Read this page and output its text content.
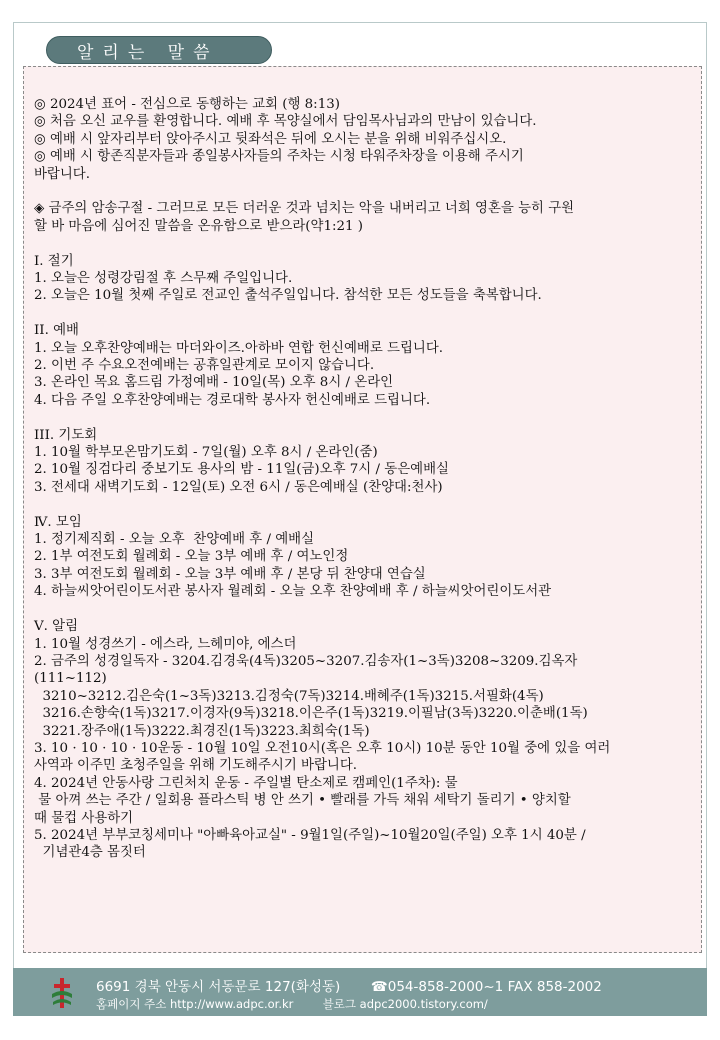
알리는 말씀
◎ 2024년 표어 - 전심으로 동행하는 교회 (행 8:13)
◎ 처음 오신 교우를 환영합니다. 예배 후 목양실에서 담임목사님과의 만남이 있습니다.
◎ 예배 시 앞자리부터 앉아주시고 뒷좌석은 뒤에 오시는 분을 위해 비워주십시오.
◎ 예배 시 항존직분자들과 종일봉사자들의 주차는 시청 타워주차장을 이용해 주시기
바랍니다.
◈ 금주의 암송구절 - 그러므로 모든 더러운 것과 넘치는 악을 내버리고 너희 영혼을 능히 구원
할 바 마음에 심어진 말씀을 온유함으로 받으라(약1:21 )
I. 절기
1. 오늘은 성령강림절 후 스무째 주일입니다.
2. 오늘은 10월 첫째 주일로 전교인 출석주일입니다. 참석한 모든 성도들을 축복합니다.
II. 예배
1. 오늘 오후찬양예배는 마더와이즈.아하바 연합 헌신예배로 드립니다.
2. 이번 주 수요오전예배는 공휴일관계로 모이지 않습니다.
3. 온라인 목요 홈드림 가정예배 - 10일(목) 오후 8시 / 온라인
4. 다음 주일 오후찬양예배는 경로대학 봉사자 헌신예배로 드립니다.
III. 기도회
1. 10월 학부모온맘기도회 - 7일(월) 오후 8시 / 온라인(줌)
2. 10월 징검다리 중보기도 용사의 밤 - 11일(금)오후 7시 / 동은예배실
3. 전세대 새벽기도회 - 12일(토) 오전 6시 / 동은예배실 (찬양대:천사)
Ⅳ. 모임
1. 정기제직회 - 오늘 오후  찬양예배 후 / 예배실
2. 1부 여전도회 월례회 - 오늘 3부 예배 후 / 여노인정
3. 3부 여전도회 월례회 - 오늘 3부 예배 후 / 본당 뒤 찬양대 연습실
4. 하늘씨앗어린이도서관 봉사자 월례회 - 오늘 오후 찬양예배 후 / 하늘씨앗어린이도서관
Ⅴ. 알림
1. 10월 성경쓰기 - 에스라, 느헤미야, 에스더
2. 금주의 성경일독자 - 3204.김경욱(4독)3205~3207.김송자(1~3독)3208~3209.김옥자
(111~112)
3210~3212.김은숙(1~3독)3213.김정숙(7독)3214.배혜주(1독)3215.서필화(4독)
3216.손향숙(1독)3217.이경자(9독)3218.이은주(1독)3219.이필남(3독)3220.이춘배(1독)
3221.장주애(1독)3222.최경진(1독)3223.최희숙(1독)
3. 10 · 10 · 10 · 10운동 - 10월 10일 오전10시(혹은 오후 10시) 10분 동안 10월 중에 있을 여러
사역과 이주민 초청주일을 위해 기도해주시기 바랍니다.
4. 2024년 안동사랑 그린처치 운동 - 주일별 탄소제로 캠페인(1주차): 물
물 아껴 쓰는 주간 / 일회용 플라스틱 병 안 쓰기 • 빨래를 가득 채워 세탁기 돌리기 • 양치할
때 물컵 사용하기
5. 2024년 부부코칭세미나 "아빠육아교실" - 9월1일(주일)~10월20일(주일) 오후 1시 40분 /
기념관4층 몸짓터
6691 경북 안동시 서동문로 127(화성동) ☎054-858-2000~1 FAX 858-2002
홈페이지 주소 http://www.adpc.or.kr	블로그 adpc2000.tistory.com/
